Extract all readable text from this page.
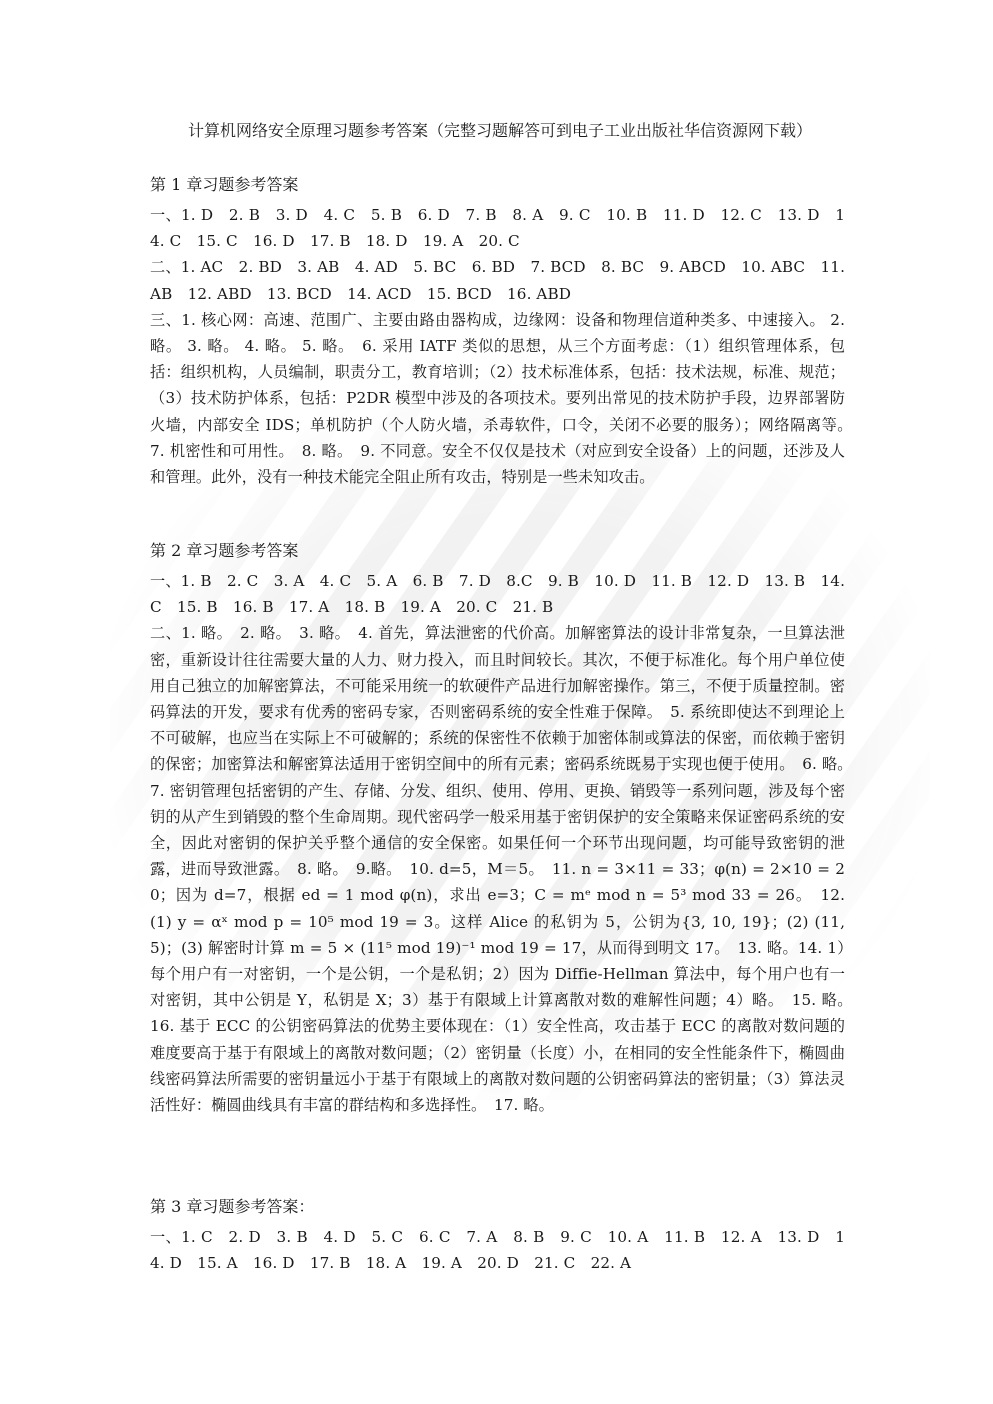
计算机网络安全原理习题参考答案（完整习题解答可到电子工业出版社华信资源网下载）
第 1 章习题参考答案
一、1. D　2. B　3. D　4. C　5. B　6. D　7. B　8. A　9. C　10. B　11. D　12. C　13. D　14. C　15. C　16. D　17. B　18. D　19. A　20. C
二、1. AC　2. BD　3. AB　4. AD　5. BC　6. BD　7. BCD　8. BC　9. ABCD　10. ABC　11. AB　12. ABD　13. BCD　14. ACD　15. BCD　16. ABD
三、1. 核心网：高速、范围广、主要由路由器构成，边缘网：设备和物理信道种类多、中速接入。 2. 略。 3. 略。 4. 略。 5. 略。　6. 采用 IATF 类似的思想，从三个方面考虑：（1）组织管理体系，包括：组织机构，人员编制，职责分工，教育培训；（2）技术标准体系，包括：技术法规，标准、规范；（3）技术防护体系，包括：P2DR 模型中涉及的各项技术。要列出常见的技术防护手段，边界部署防火墙，内部安全 IDS；单机防护（个人防火墙，杀毒软件，口令，关闭不必要的服务）；网络隔离等。　7. 机密性和可用性。　8. 略。　9. 不同意。安全不仅仅是技术（对应到安全设备）上的问题，还涉及人和管理。此外，没有一种技术能完全阻止所有攻击，特别是一些未知攻击。
第 2 章习题参考答案
一、1. B　2. C　3. A　4. C　5. A　6. B　7. D　8.C　9. B　10. D　11. B　12. D　13. B　14. C　15. B　16. B　17. A　18. B　19. A　20. C　21. B
二、1. 略。　2. 略。　3. 略。　4. 首先，算法泄密的代价高。加解密算法的设计非常复杂，一旦算法泄密，重新设计往往需要大量的人力、财力投入，而且时间较长。其次，不便于标准化。每个用户单位使用自己独立的加解密算法，不可能采用统一的软硬件产品进行加解密操作。第三，不便于质量控制。密码算法的开发，要求有优秀的密码专家，否则密码系统的安全性难于保障。　5. 系统即使达不到理论上不可破解，也应当在实际上不可破解的；系统的保密性不依赖于加密体制或算法的保密，而依赖于密钥的保密；加密算法和解密算法适用于密钥空间中的所有元素；密码系统既易于实现也便于使用。　6. 略。　7. 密钥管理包括密钥的产生、存储、分发、组织、使用、停用、更换、销毁等一系列问题，涉及每个密钥的从产生到销毁的整个生命周期。现代密码学一般采用基于密钥保护的安全策略来保证密码系统的安全，因此对密钥的保护关乎整个通信的安全保密。如果任何一个环节出现问题，均可能导致密钥的泄露，进而导致泄露。　8. 略。　9.略。　10. d=5，M＝5。　11. n = 3×11 = 33；φ(n) = 2×10 = 20；因为 d=7，根据 ed = 1 mod φ(n)，求出 e=3；C = mᵉ mod n = 5³ mod 33 = 26。　12. (1) y = αˣ mod p = 10⁵ mod 19 = 3。这样 Alice 的私钥为 5，公钥为{3, 10, 19}；(2) (11, 5)；(3) 解密时计算 m = 5 × (11⁵ mod 19)⁻¹ mod 19 = 17，从而得到明文 17。　13. 略。14. 1）每个用户有一对密钥，一个是公钥，一个是私钥；2）因为 Diffie-Hellman 算法中，每个用户也有一对密钥，其中公钥是 Y，私钥是 X；3）基于有限域上计算离散对数的难解性问题；4）略。　15. 略。　16. 基于 ECC 的公钥密码算法的优势主要体现在：（1）安全性高，攻击基于 ECC 的离散对数问题的难度要高于基于有限域上的离散对数问题；（2）密钥量（长度）小，在相同的安全性能条件下，椭圆曲线密码算法所需要的密钥量远小于基于有限域上的离散对数问题的公钥密码算法的密钥量；（3）算法灵活性好：椭圆曲线具有丰富的群结构和多选择性。　17. 略。
第 3 章习题参考答案：
一、1. C　2. D　3. B　4. D　5. C　6. C　7. A　8. B　9. C　10. A　11. B　12. A　13. D　14. D　15. A　16. D　17. B　18. A　19. A　20. D　21. C　22. A
